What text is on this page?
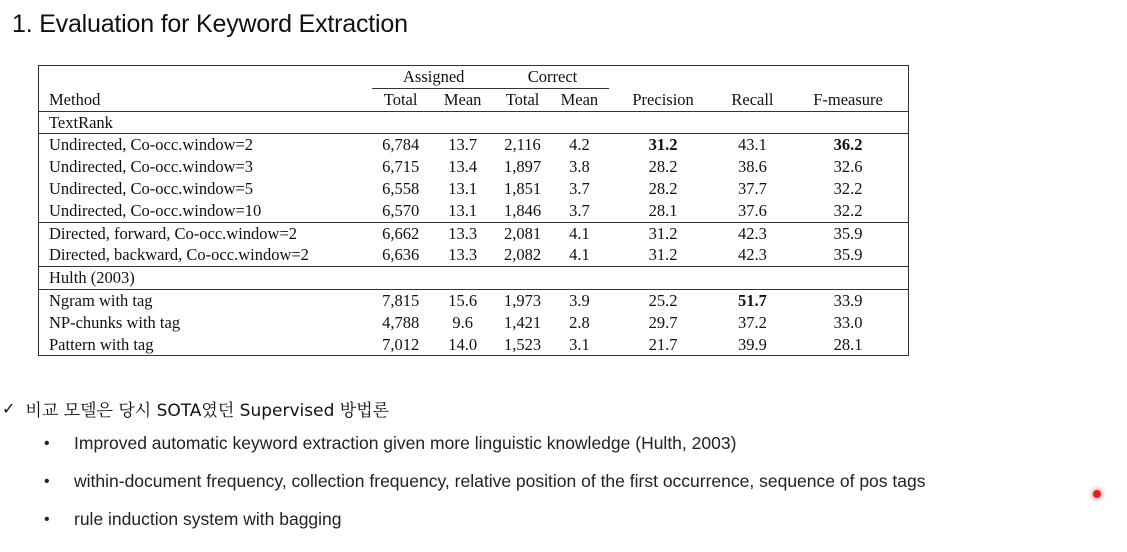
1. Evaluation for Keyword Extraction
	Assigned		Correct				
Method	Total	Mean	Total	Mean	Precision	Recall	F-measure
TextRank							
Undirected, Co-occ.window=2	6,784	13.7	2,116	4.2	31.2	43.1	36.2
Undirected, Co-occ.window=3	6,715	13.4	1,897	3.8	28.2	38.6	32.6
Undirected, Co-occ.window=5	6,558	13.1	1,851	3.7	28.2	37.7	32.2
Undirected, Co-occ.window=10	6,570	13.1	1,846	3.7	28.1	37.6	32.2
Directed, forward, Co-occ.window=2	6,662	13.3	2,081	4.1	31.2	42.3	35.9
Directed, backward, Co-occ.window=2	6,636	13.3	2,082	4.1	31.2	42.3	35.9
Hulth (2003)							
Ngram with tag	7,815	15.6	1,973	3.9	25.2	51.7	33.9
NP-chunks with tag	4,788	9.6	1,421	2.8	29.7	37.2	33.0
Pattern with tag	7,012	14.0	1,523	3.1	21.7	39.9	28.1
✓ 비교 모델은 당시 SOTA였던 Supervised 방법론
•	Improved automatic keyword extraction given more linguistic knowledge (Hulth, 2003)
•	within-document frequency, collection frequency, relative position of the first occurrence, sequence of pos tags
•	rule induction system with bagging
